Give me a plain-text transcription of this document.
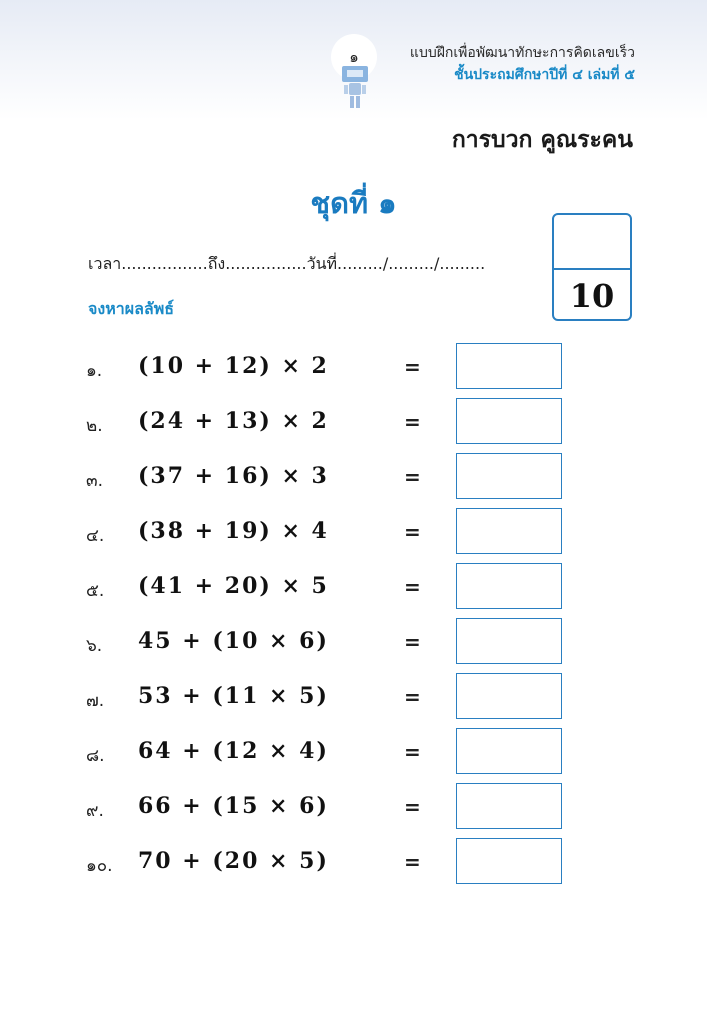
๑	แบบฝึกเพื่อพัฒนาทักษะการคิดเลขเร็ว
ชั้นประถมศึกษาปีที่ ๔ เล่มที่ ๕
การบวก คูณระคน
ชุดที่ ๑
10
เวลา.................ถึง................วันที่........./........./.........
จงหาผลลัพธ์
๑.	(10 + 12) × 2	=
๒.	(24 + 13) × 2	=
๓.	(37 + 16) × 3	=
๔.	(38 + 19) × 4	=
๕.	(41 + 20) × 5	=
๖.	45 + (10 × 6)	=
๗.	53 + (11 × 5)	=
๘.	64 + (12 × 4)	=
๙.	66 + (15 × 6)	=
๑๐.	70 + (20 × 5)	=
